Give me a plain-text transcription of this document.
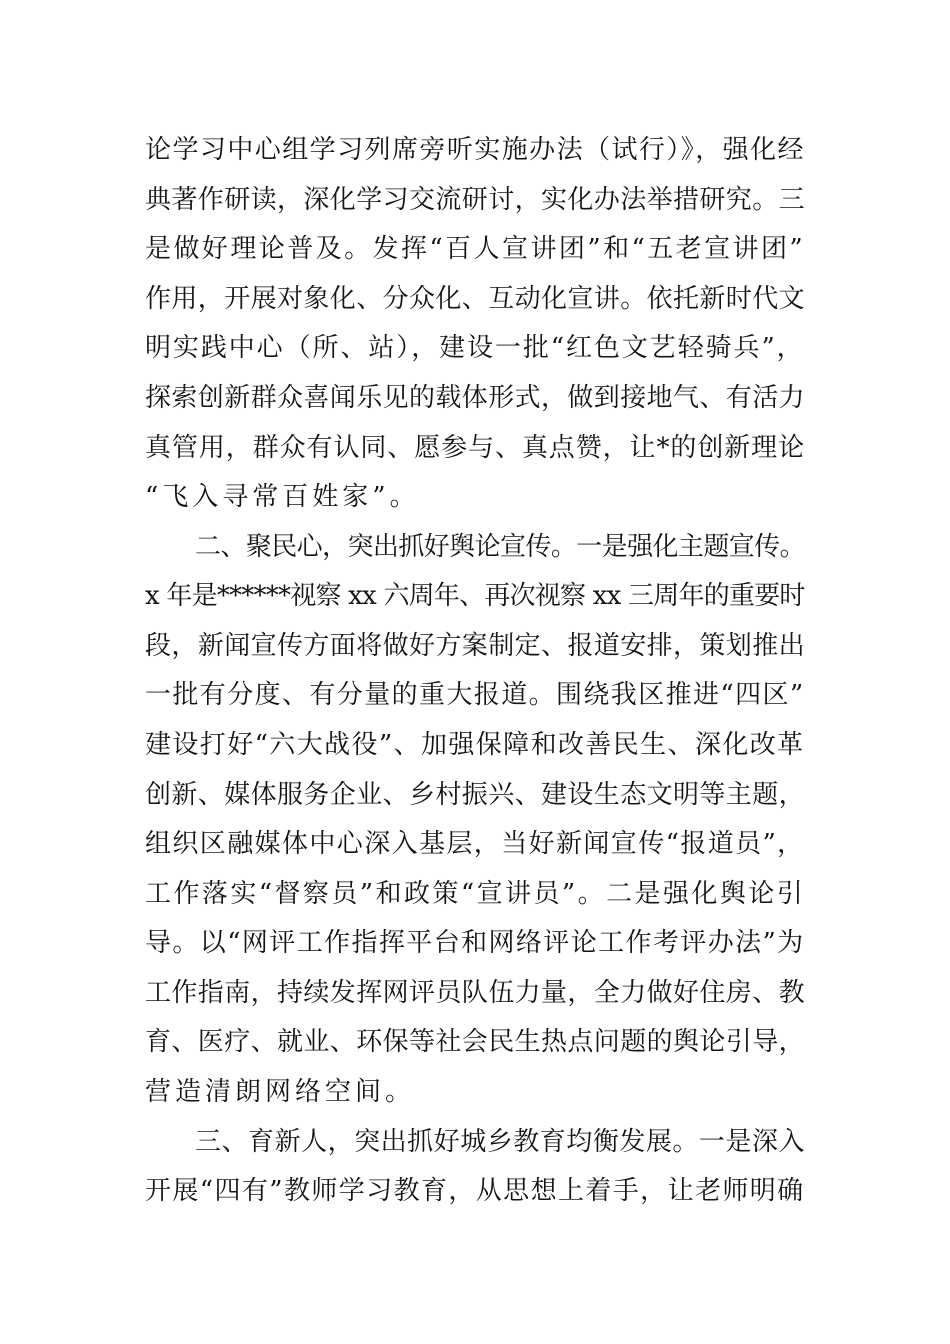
论学习中心组学习列席旁听实施办法（试行）》，强化经
典著作研读，深化学习交流研讨，实化办法举措研究。三
是做好理论普及。发挥“百人宣讲团”和“五老宣讲团”
作用，开展对象化、分众化、互动化宣讲。依托新时代文
明实践中心（所、站），建设一批“红色文艺轻骑兵”，
探索创新群众喜闻乐见的载体形式，做到接地气、有活力
真管用，群众有认同、愿参与、真点赞，让*的创新理论
“飞入寻常百姓家”。
二、聚民心，突出抓好舆论宣传。一是强化主题宣传。
x 年是******视察 xx 六周年、再次视察 xx 三周年的重要时
段，新闻宣传方面将做好方案制定、报道安排，策划推出
一批有分度、有分量的重大报道。围绕我区推进“四区”
建设打好“六大战役”、加强保障和改善民生、深化改革
创新、媒体服务企业、乡村振兴、建设生态文明等主题，
组织区融媒体中心深入基层，当好新闻宣传“报道员”，
工作落实“督察员”和政策“宣讲员”。二是强化舆论引
导。以“网评工作指挥平台和网络评论工作考评办法”为
工作指南，持续发挥网评员队伍力量，全力做好住房、教
育、医疗、就业、环保等社会民生热点问题的舆论引导，
营造清朗网络空间。
三、育新人，突出抓好城乡教育均衡发展。一是深入
开展“四有”教师学习教育，从思想上着手，让老师明确
